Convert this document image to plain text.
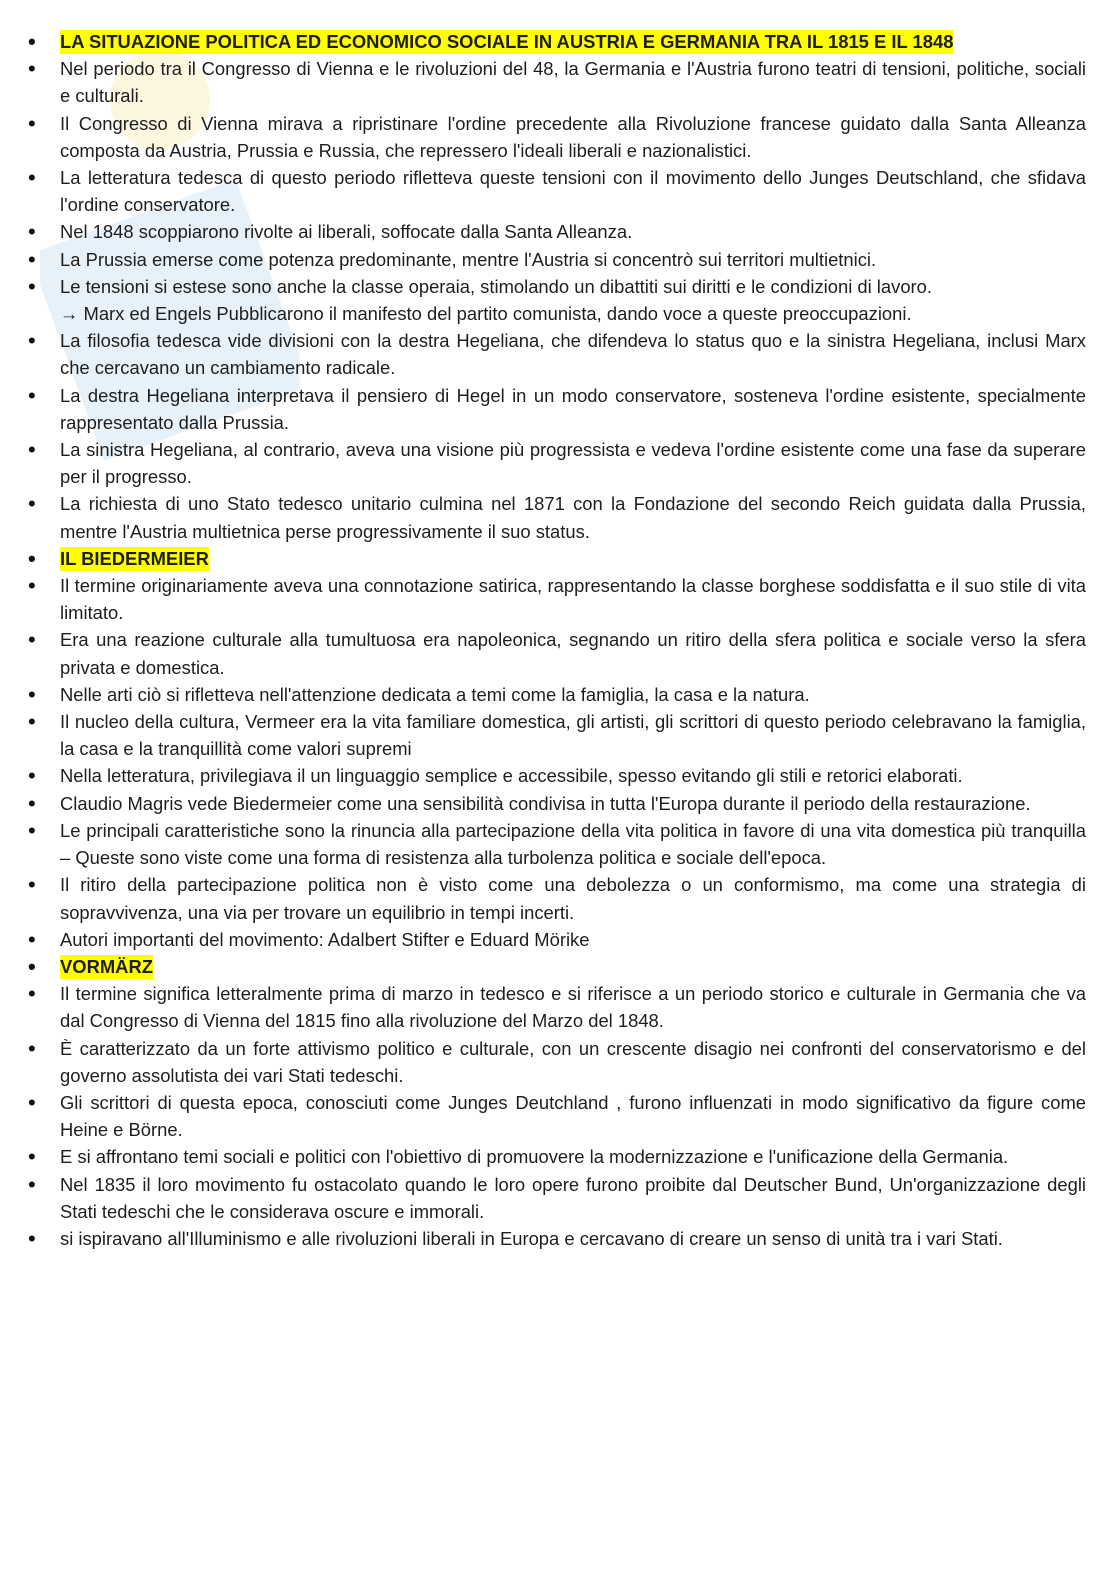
• LA SITUAZIONE POLITICA ED ECONOMICO SOCIALE IN AUSTRIA E GERMANIA TRA IL 1815 E IL 1848

• Nel periodo tra il Congresso di Vienna e le rivoluzioni del 48, la Germania e l'Austria furono teatri di tensioni, politiche, sociali e culturali.

• Il Congresso di Vienna mirava a ripristinare l'ordine precedente alla Rivoluzione francese guidato dalla Santa Alleanza composta da Austria, Prussia e Russia, che repressero l'ideali liberali e nazionalistici.

• La letteratura tedesca di questo periodo rifletteva queste tensioni con il movimento dello Junges Deutschland, che sfidava l'ordine conservatore.

• Nel 1848 scoppiarono rivolte ai liberali, soffocate dalla Santa Alleanza.

• La Prussia emerse come potenza predominante, mentre l'Austria si concentrò sui territori multietnici.

• Le tensioni si estese sono anche la classe operaia, stimolando un dibattiti sui diritti e le condizioni di lavoro.
→ Marx ed Engels Pubblicarono il manifesto del partito comunista, dando voce a queste preoccupazioni.

• La filosofia tedesca vide divisioni con la destra Hegeliana, che difendeva lo status quo e la sinistra Hegeliana, inclusi Marx che cercavano un cambiamento radicale.

• La destra Hegeliana interpretava il pensiero di Hegel in un modo conservatore, sosteneva l'ordine esistente, specialmente rappresentato dalla Prussia.

• La sinistra Hegeliana, al contrario, aveva una visione più progressista e vedeva l'ordine esistente come una fase da superare per il progresso.

• La richiesta di uno Stato tedesco unitario culmina nel 1871 con la Fondazione del secondo Reich guidata dalla Prussia, mentre l'Austria multietnica perse progressivamente il suo status.

• IL BIEDERMEIER

• Il termine originariamente aveva una connotazione satirica, rappresentando la classe borghese soddisfatta e il suo stile di vita limitato.

• Era una reazione culturale alla tumultuosa era napoleonica, segnando un ritiro della sfera politica e sociale verso la sfera privata e domestica.

• Nelle arti ciò si rifletteva nell'attenzione dedicata a temi come la famiglia, la casa e la natura.

• Il nucleo della cultura, Vermeer era la vita familiare domestica, gli artisti, gli scrittori di questo periodo celebravano la famiglia, la casa e la tranquillità come valori supremi

• Nella letteratura, privilegiava il un linguaggio semplice e accessibile, spesso evitando gli stili e retorici elaborati.

• Claudio Magris vede Biedermeier come una sensibilità condivisa in tutta l'Europa durante il periodo della restaurazione.

• Le principali caratteristiche sono la rinuncia alla partecipazione della vita politica in favore di una vita domestica più tranquilla – Queste sono viste come una forma di resistenza alla turbolenza politica e sociale dell'epoca.

• Il ritiro della partecipazione politica non è visto come una debolezza o un conformismo, ma come una strategia di sopravvivenza, una via per trovare un equilibrio in tempi incerti.

• Autori importanti del movimento: Adalbert Stifter e Eduard Mörike

• VORMÄRZ

• Il termine significa letteralmente prima di marzo in tedesco e si riferisce a un periodo storico e culturale in Germania che va dal Congresso di Vienna del 1815 fino alla rivoluzione del Marzo del 1848.

• È caratterizzato da un forte attivismo politico e culturale, con un crescente disagio nei confronti del conservatorismo e del governo assolutista dei vari Stati tedeschi.

• Gli scrittori di questa epoca, conosciuti come Junges Deutchland , furono influenzati in modo significativo da figure come Heine e Börne.

• E si affrontano temi sociali e politici con l'obiettivo di promuovere la modernizzazione e l'unificazione della Germania.

• Nel 1835 il loro movimento fu ostacolato quando le loro opere furono proibite dal Deutscher Bund, Un'organizzazione degli Stati tedeschi che le considerava oscure e immorali.

• si ispiravano all'Illuminismo e alle rivoluzioni liberali in Europa e cercavano di creare un senso di unità tra i vari Stati.
